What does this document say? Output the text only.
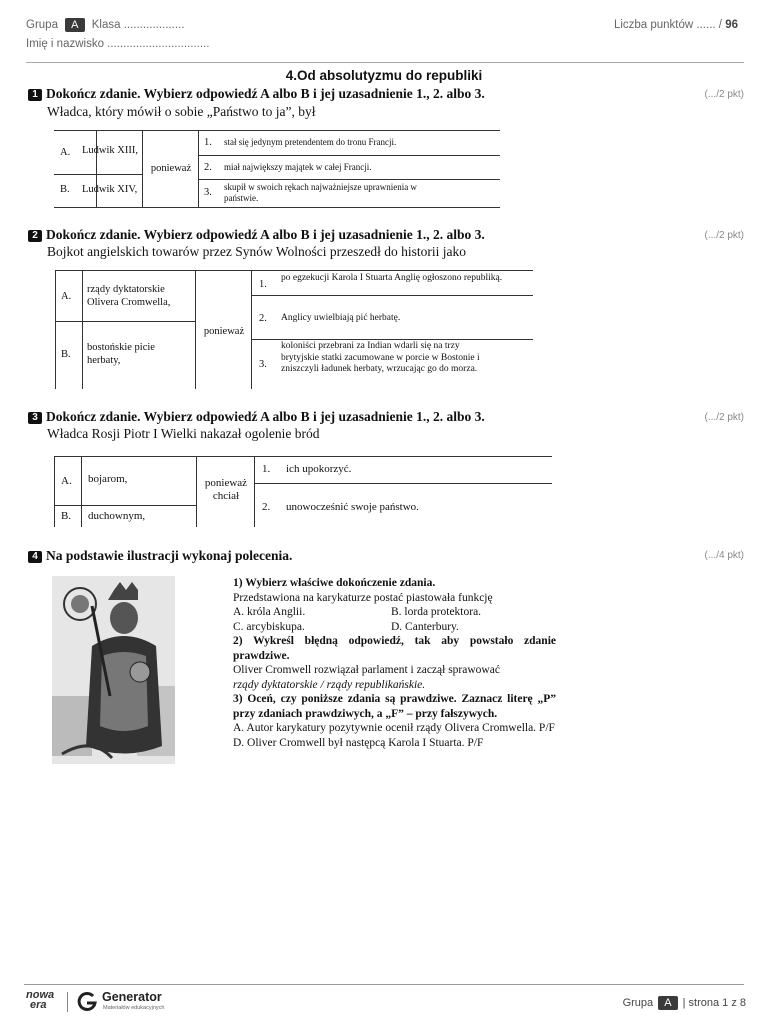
Grupa A Klasa ...................
Imię i nazwisko ................................
Liczba punktów ...... / 96
4.Od absolutyzmu do republiki
1 Dokończ zdanie. Wybierz odpowiedź A albo B i jej uzasadnienie 1., 2. albo 3.	(.../2 pkt)
Władca, który mówił o sobie „Państwo to ja”, był
A. Ludwik XIII,
B. Ludwik XIV,
ponieważ
1. stał się jedynym pretendentem do tronu Francji.
2. miał największy majątek w całej Francji.
3. skupił w swoich rękach najważniejsze uprawnienia w państwie.
2 Dokończ zdanie. Wybierz odpowiedź A albo B i jej uzasadnienie 1., 2. albo 3.	(.../2 pkt)
Bojkot angielskich towarów przez Synów Wolności przeszedł do historii jako
A.
rządy dyktatorskie Olivera Cromwella,
B.
bostońskie picie herbaty,
ponieważ
1.
po egzekucji Karola I Stuarta Anglię ogłoszono republiką.
2. Anglicy uwielbiają pić herbatę.
3.
koloniści przebrani za Indian wdarli się na trzy brytyjskie statki zacumowane w porcie w Bostonie i zniszczyli ładunek herbaty, wrzucając go do morza.
3 Dokończ zdanie. Wybierz odpowiedź A albo B i jej uzasadnienie 1., 2. albo 3.	(.../2 pkt)
Władca Rosji Piotr I Wielki nakazał ogolenie bród
A. bojarom,
B. duchownym,
ponieważ chciał
1. ich upokorzyć.
2. unowocześnić swoje państwo.
4 Na podstawie ilustracji wykonaj polecenia.	(.../4 pkt)
1) Wybierz właściwe dokończenie zdania.
Przedstawiona na karykaturze postać piastowała funkcję
A. króla Anglii.	B. lorda protektora.
C. arcybiskupa.	D. Canterbury.
2) Wykreśl błędną odpowiedź, tak aby powstało zdanie prawdziwe.
Oliver Cromwell rozwiązał parlament i zaczął sprawować
rządy dyktatorskie / rządy republikańskie.
3) Oceń, czy poniższe zdania są prawdziwe. Zaznacz literę „P” przy zdaniach prawdziwych, a „F” – przy fałszywych.
A. Autor karykatury pozytywnie ocenił rządy Olivera Cromwella. P/F
D. Oliver Cromwell był następcą Karola I Stuarta. P/F
nowa
era
Generator
Materiałów edukacyjnych	Grupa A | strona 1 z 8
